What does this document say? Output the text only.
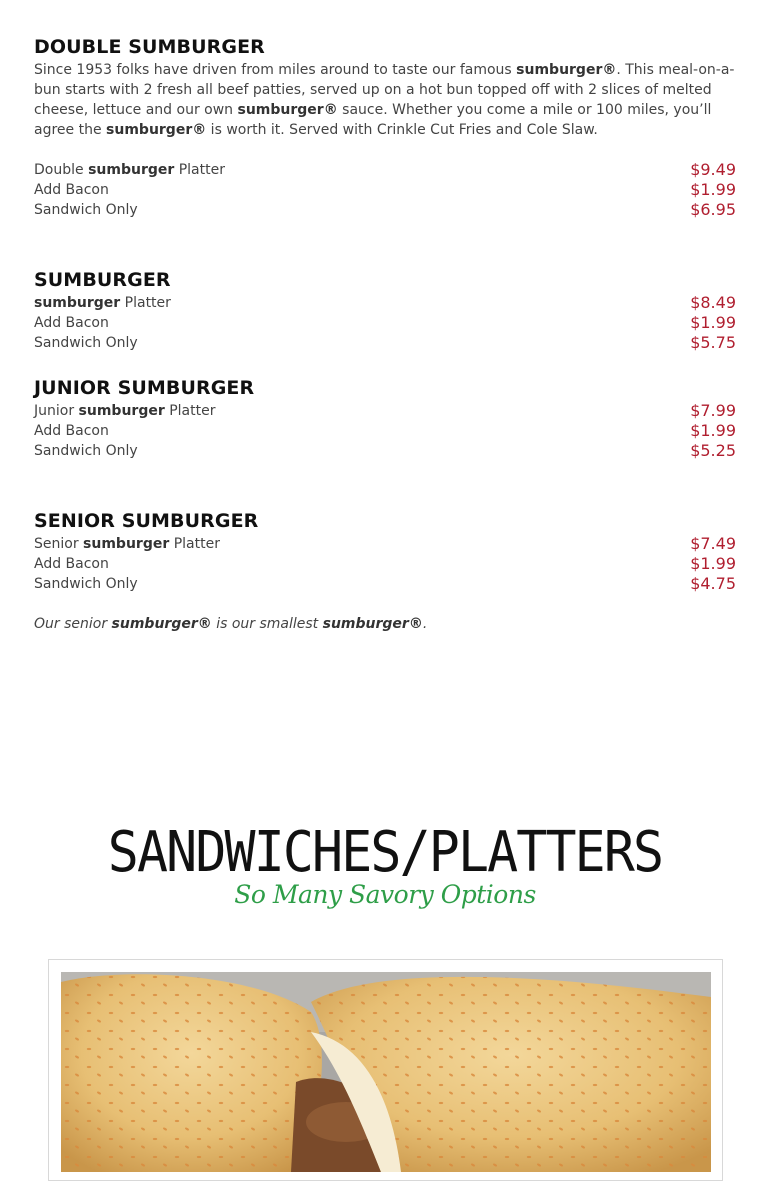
DOUBLE SUMBURGER

Since 1953 folks have driven from miles around to taste our famous sumburger®. This meal-on-a-bun starts with 2 fresh all beef patties, served up on a hot bun topped off with 2 slices of melted cheese, lettuce and our own sumburger® sauce. Whether you come a mile or 100 miles, you’ll agree the sumburger® is worth it. Served with Crinkle Cut Fries and Cole Slaw.

Double sumburger Platter	$9.49
Add Bacon	$1.99
Sandwich Only	$6.95
SUMBURGER
sumburger Platter	$8.49
Add Bacon	$1.99
Sandwich Only	$5.75
JUNIOR SUMBURGER
Junior sumburger Platter	$7.99
Add Bacon	$1.99
Sandwich Only	$5.25
SENIOR SUMBURGER
Senior sumburger Platter	$7.49
Add Bacon	$1.99
Sandwich Only	$4.75
Our senior sumburger® is our smallest sumburger®.
SANDWICHES/PLATTERS
So Many Savory Options
